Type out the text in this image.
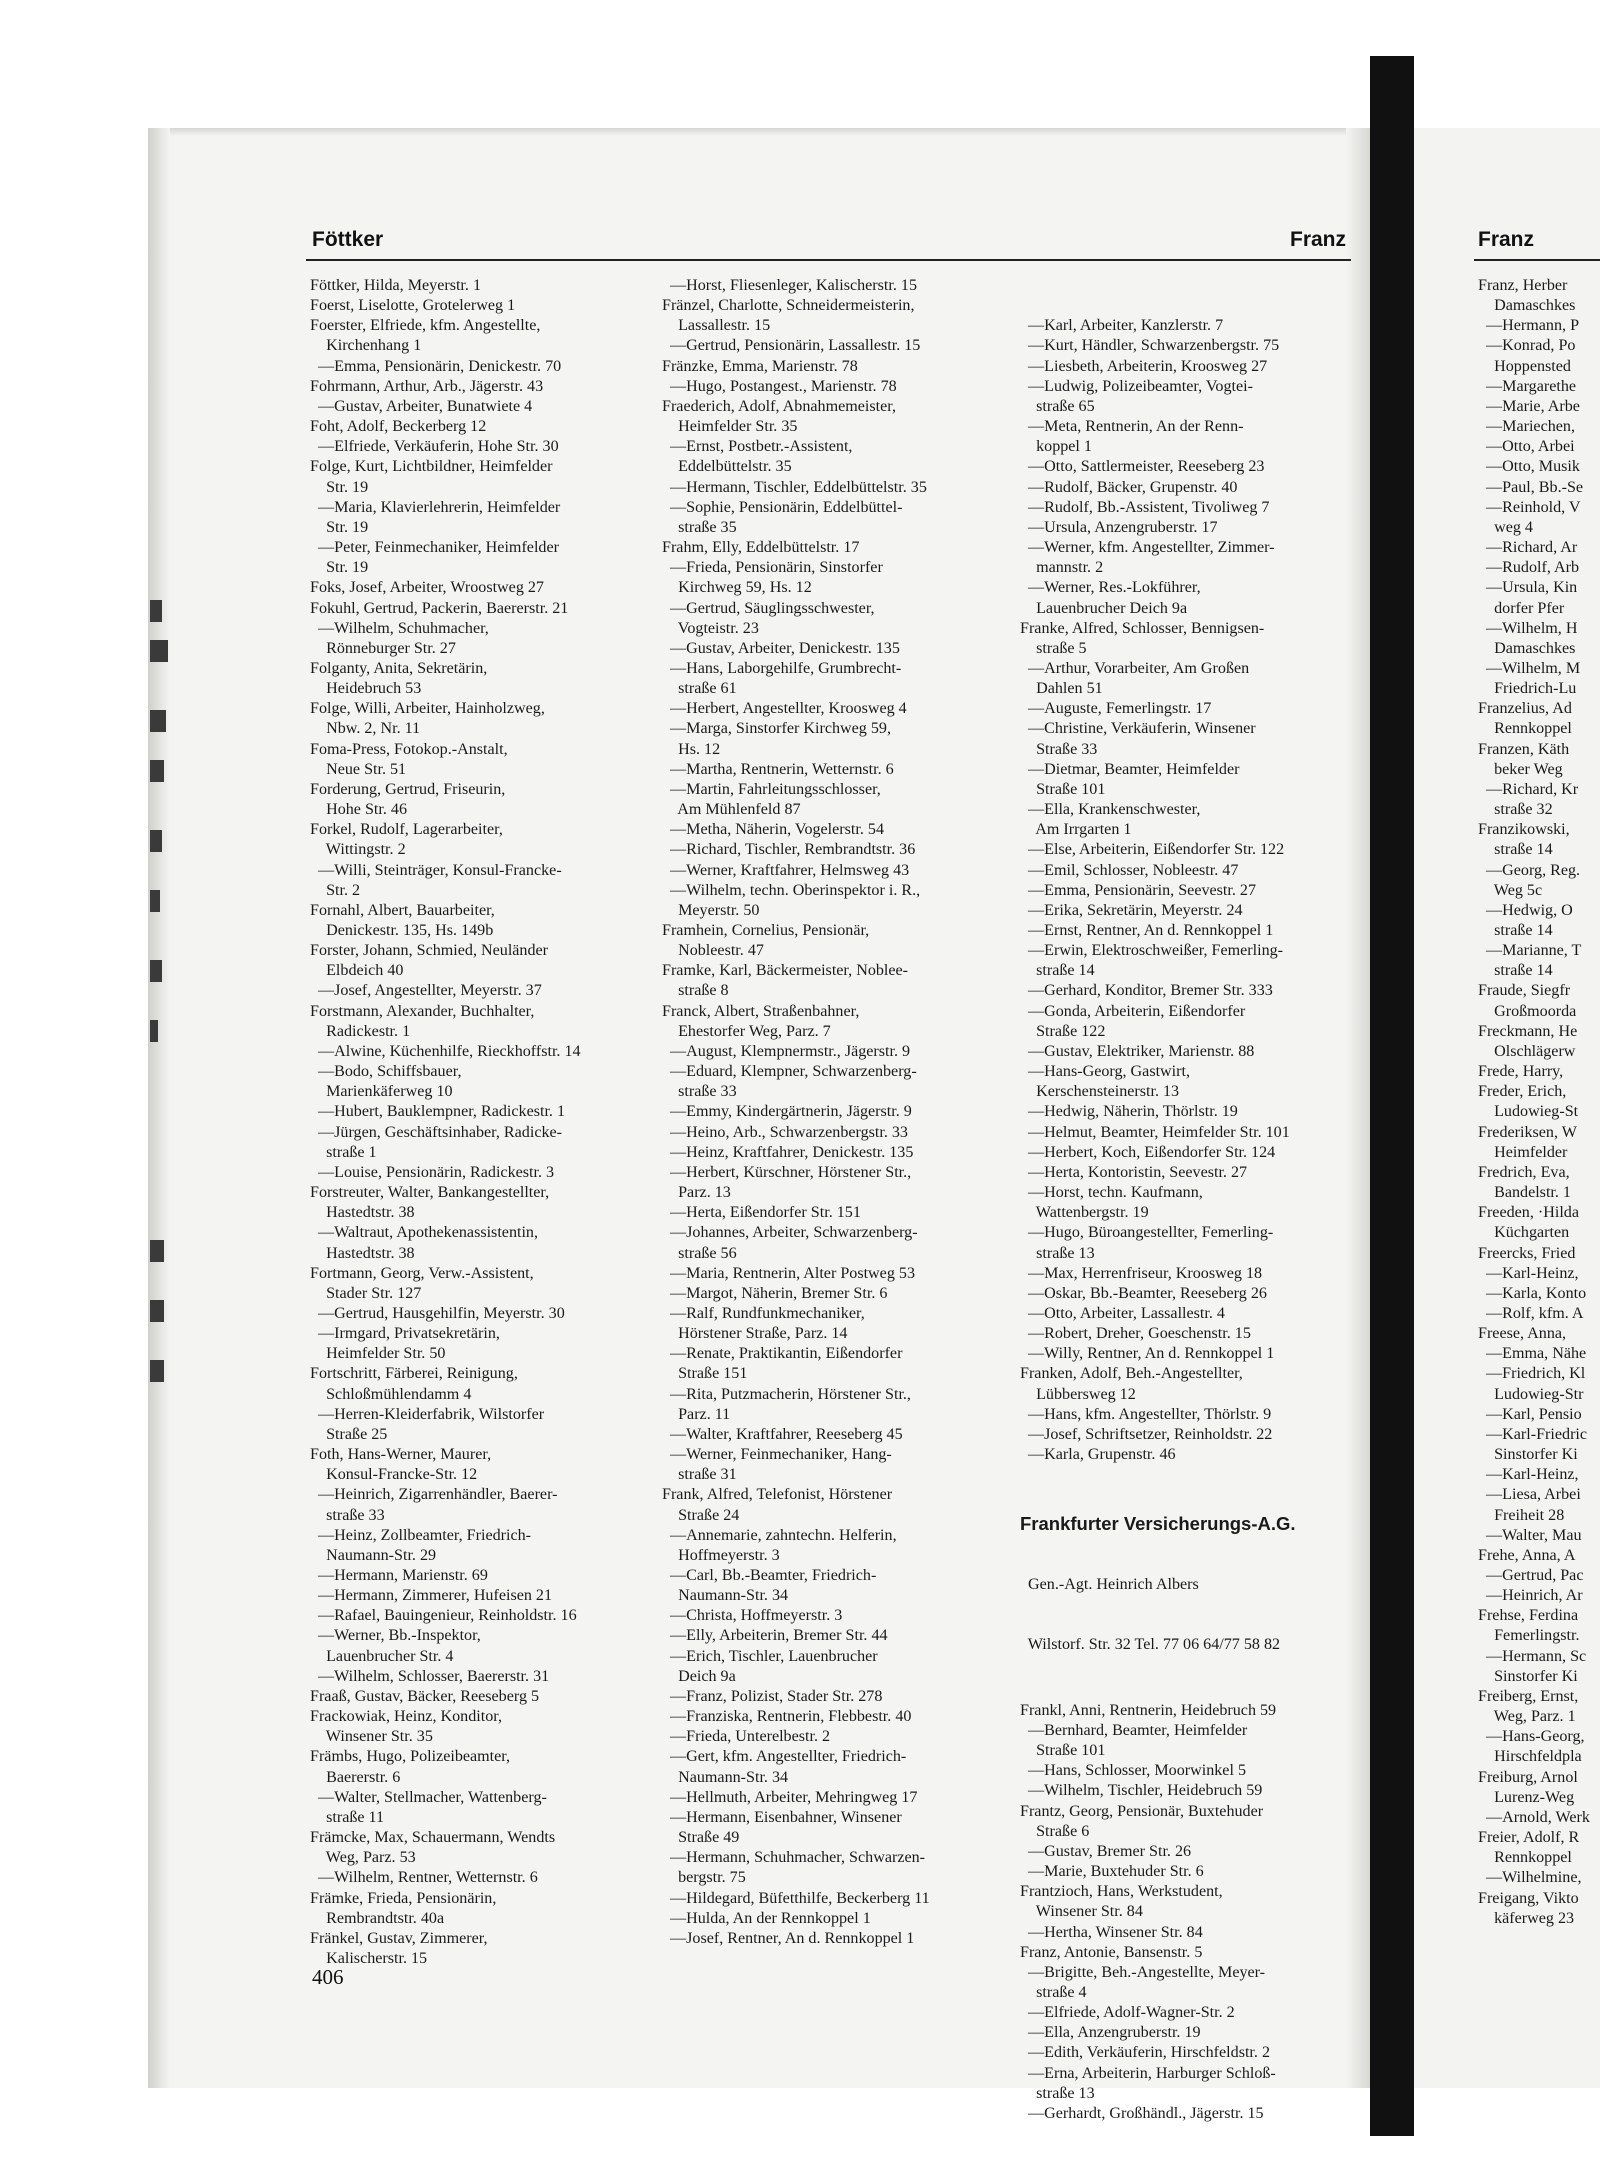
Föttker	Franz	Franz
Föttker, Hilda, Meyerstr. 1
Foerst, Liselotte, Grotelerweg 1
Foerster, Elfriede, kfm. Angestellte,
Kirchenhang 1
—Emma, Pensionärin, Denickestr. 70
Fohrmann, Arthur, Arb., Jägerstr. 43
—Gustav, Arbeiter, Bunatwiete 4
Foht, Adolf, Beckerberg 12
—Elfriede, Verkäuferin, Hohe Str. 30
Folge, Kurt, Lichtbildner, Heimfelder
Str. 19
—Maria, Klavierlehrerin, Heimfelder
Str. 19
—Peter, Feinmechaniker, Heimfelder
Str. 19
Foks, Josef, Arbeiter, Wroostweg 27
Fokuhl, Gertrud, Packerin, Baererstr. 21
—Wilhelm, Schuhmacher,
Rönneburger Str. 27
Folganty, Anita, Sekretärin,
Heidebruch 53
Folge, Willi, Arbeiter, Hainholzweg,
Nbw. 2, Nr. 11
Foma-Press, Fotokop.-Anstalt,
Neue Str. 51
Forderung, Gertrud, Friseurin,
Hohe Str. 46
Forkel, Rudolf, Lagerarbeiter,
Wittingstr. 2
—Willi, Steinträger, Konsul-Francke-
Str. 2
Fornahl, Albert, Bauarbeiter,
Denickestr. 135, Hs. 149b
Forster, Johann, Schmied, Neuländer
Elbdeich 40
—Josef, Angestellter, Meyerstr. 37
Forstmann, Alexander, Buchhalter,
Radickestr. 1
—Alwine, Küchenhilfe, Rieckhoffstr. 14
—Bodo, Schiffsbauer,
Marienkäferweg 10
—Hubert, Bauklempner, Radickestr. 1
—Jürgen, Geschäftsinhaber, Radicke-
straße 1
—Louise, Pensionärin, Radickestr. 3
Forstreuter, Walter, Bankangestellter,
Hastedtstr. 38
—Waltraut, Apothekenassistentin,
Hastedtstr. 38
Fortmann, Georg, Verw.-Assistent,
Stader Str. 127
—Gertrud, Hausgehilfin, Meyerstr. 30
—Irmgard, Privatsekretärin,
Heimfelder Str. 50
Fortschritt, Färberei, Reinigung,
Schloßmühlendamm 4
—Herren-Kleiderfabrik, Wilstorfer
Straße 25
Foth, Hans-Werner, Maurer,
Konsul-Francke-Str. 12
—Heinrich, Zigarrenhändler, Baerer-
straße 33
—Heinz, Zollbeamter, Friedrich-
Naumann-Str. 29
—Hermann, Marienstr. 69
—Hermann, Zimmerer, Hufeisen 21
—Rafael, Bauingenieur, Reinholdstr. 16
—Werner, Bb.-Inspektor,
Lauenbrucher Str. 4
—Wilhelm, Schlosser, Baererstr. 31
Fraaß, Gustav, Bäcker, Reeseberg 5
Frackowiak, Heinz, Konditor,
Winsener Str. 35
Främbs, Hugo, Polizeibeamter,
Baererstr. 6
—Walter, Stellmacher, Wattenberg-
straße 11
Främcke, Max, Schauermann, Wendts
Weg, Parz. 53
—Wilhelm, Rentner, Wetternstr. 6
Främke, Frieda, Pensionärin,
Rembrandtstr. 40a
Fränkel, Gustav, Zimmerer,
Kalischerstr. 15
—Horst, Fliesenleger, Kalischerstr. 15
Fränzel, Charlotte, Schneidermeisterin,
Lassallestr. 15
—Gertrud, Pensionärin, Lassallestr. 15
Fränzke, Emma, Marienstr. 78
—Hugo, Postangest., Marienstr. 78
Fraederich, Adolf, Abnahmemeister,
Heimfelder Str. 35
—Ernst, Postbetr.-Assistent,
Eddelbüttelstr. 35
—Hermann, Tischler, Eddelbüttelstr. 35
—Sophie, Pensionärin, Eddelbüttel-
straße 35
Frahm, Elly, Eddelbüttelstr. 17
—Frieda, Pensionärin, Sinstorfer
Kirchweg 59, Hs. 12
—Gertrud, Säuglingsschwester,
Vogteistr. 23
—Gustav, Arbeiter, Denickestr. 135
—Hans, Laborgehilfe, Grumbrecht-
straße 61
—Herbert, Angestellter, Kroosweg 4
—Marga, Sinstorfer Kirchweg 59,
Hs. 12
—Martha, Rentnerin, Wetternstr. 6
—Martin, Fahrleitungsschlosser,
Am Mühlenfeld 87
—Metha, Näherin, Vogelerstr. 54
—Richard, Tischler, Rembrandtstr. 36
—Werner, Kraftfahrer, Helmsweg 43
—Wilhelm, techn. Oberinspektor i. R.,
Meyerstr. 50
Framhein, Cornelius, Pensionär,
Nobleestr. 47
Framke, Karl, Bäckermeister, Noblee-
straße 8
Franck, Albert, Straßenbahner,
Ehestorfer Weg, Parz. 7
—August, Klempnermstr., Jägerstr. 9
—Eduard, Klempner, Schwarzenberg-
straße 33
—Emmy, Kindergärtnerin, Jägerstr. 9
—Heino, Arb., Schwarzenbergstr. 33
—Heinz, Kraftfahrer, Denickestr. 135
—Herbert, Kürschner, Hörstener Str.,
Parz. 13
—Herta, Eißendorfer Str. 151
—Johannes, Arbeiter, Schwarzenberg-
straße 56
—Maria, Rentnerin, Alter Postweg 53
—Margot, Näherin, Bremer Str. 6
—Ralf, Rundfunkmechaniker,
Hörstener Straße, Parz. 14
—Renate, Praktikantin, Eißendorfer
Straße 151
—Rita, Putzmacherin, Hörstener Str.,
Parz. 11
—Walter, Kraftfahrer, Reeseberg 45
—Werner, Feinmechaniker, Hang-
straße 31
Frank, Alfred, Telefonist, Hörstener
Straße 24
—Annemarie, zahntechn. Helferin,
Hoffmeyerstr. 3
—Carl, Bb.-Beamter, Friedrich-
Naumann-Str. 34
—Christa, Hoffmeyerstr. 3
—Elly, Arbeiterin, Bremer Str. 44
—Erich, Tischler, Lauenbrucher
Deich 9a
—Franz, Polizist, Stader Str. 278
—Franziska, Rentnerin, Flebbestr. 40
—Frieda, Unterelbestr. 2
—Gert, kfm. Angestellter, Friedrich-
Naumann-Str. 34
—Hellmuth, Arbeiter, Mehringweg 17
—Hermann, Eisenbahner, Winsener
Straße 49
—Hermann, Schuhmacher, Schwarzen-
bergstr. 75
—Hildegard, Büfetthilfe, Beckerberg 11
—Hulda, An der Rennkoppel 1
—Josef, Rentner, An d. Rennkoppel 1

—Karl, Arbeiter, Kanzlerstr. 7
—Kurt, Händler, Schwarzenbergstr. 75
—Liesbeth, Arbeiterin, Kroosweg 27
—Ludwig, Polizeibeamter, Vogtei-
straße 65
—Meta, Rentnerin, An der Renn-
koppel 1
—Otto, Sattlermeister, Reeseberg 23
—Rudolf, Bäcker, Grupenstr. 40
—Rudolf, Bb.-Assistent, Tivoliweg 7
—Ursula, Anzengruberstr. 17
—Werner, kfm. Angestellter, Zimmer-
mannstr. 2
—Werner, Res.-Lokführer,
Lauenbrucher Deich 9a
Franke, Alfred, Schlosser, Bennigsen-
straße 5
—Arthur, Vorarbeiter, Am Großen
Dahlen 51
—Auguste, Femerlingstr. 17
—Christine, Verkäuferin, Winsener
Straße 33
—Dietmar, Beamter, Heimfelder
Straße 101
—Ella, Krankenschwester,
Am Irrgarten 1
—Else, Arbeiterin, Eißendorfer Str. 122
—Emil, Schlosser, Nobleestr. 47
—Emma, Pensionärin, Seevestr. 27
—Erika, Sekretärin, Meyerstr. 24
—Ernst, Rentner, An d. Rennkoppel 1
—Erwin, Elektroschweißer, Femerling-
straße 14
—Gerhard, Konditor, Bremer Str. 333
—Gonda, Arbeiterin, Eißendorfer
Straße 122
—Gustav, Elektriker, Marienstr. 88
—Hans-Georg, Gastwirt,
Kerschensteinerstr. 13
—Hedwig, Näherin, Thörlstr. 19
—Helmut, Beamter, Heimfelder Str. 101
—Herbert, Koch, Eißendorfer Str. 124
—Herta, Kontoristin, Seevestr. 27
—Horst, techn. Kaufmann,
Wattenbergstr. 19
—Hugo, Büroangestellter, Femerling-
straße 13
—Max, Herrenfriseur, Kroosweg 18
—Oskar, Bb.-Beamter, Reeseberg 26
—Otto, Arbeiter, Lassallestr. 4
—Robert, Dreher, Goeschenstr. 15
—Willy, Rentner, An d. Rennkoppel 1
Franken, Adolf, Beh.-Angestellter,
Lübbersweg 12
—Hans, kfm. Angestellter, Thörlstr. 9
—Josef, Schriftsetzer, Reinholdstr. 22
—Karla, Grupenstr. 46

Frankfurter Versicherungs-A.G.

Gen.-Agt. Heinrich Albers

Wilstorf. Str. 32 Tel. 77 06 64/77 58 82

Frankl, Anni, Rentnerin, Heidebruch 59
—Bernhard, Beamter, Heimfelder
Straße 101
—Hans, Schlosser, Moorwinkel 5
—Wilhelm, Tischler, Heidebruch 59
Frantz, Georg, Pensionär, Buxtehuder
Straße 6
—Gustav, Bremer Str. 26
—Marie, Buxtehuder Str. 6
Frantzioch, Hans, Werkstudent,
Winsener Str. 84
—Hertha, Winsener Str. 84
Franz, Antonie, Bansenstr. 5
—Brigitte, Beh.-Angestellte, Meyer-
straße 4
—Elfriede, Adolf-Wagner-Str. 2
—Ella, Anzengruberstr. 19
—Edith, Verkäuferin, Hirschfeldstr. 2
—Erna, Arbeiterin, Harburger Schloß-
straße 13
—Gerhardt, Großhändl., Jägerstr. 15

Franz, Herber
Damaschkes
—Hermann, P
—Konrad, Po
Hoppensted
—Margarethe
—Marie, Arbe
—Mariechen,
—Otto, Arbei
—Otto, Musik
—Paul, Bb.-Se
—Reinhold, V
weg 4
—Richard, Ar
—Rudolf, Arb
—Ursula, Kin
dorfer Pfer
—Wilhelm, H
Damaschkes
—Wilhelm, M
Friedrich-Lu
Franzelius, Ad
Rennkoppel
Franzen, Käth
beker Weg
—Richard, Kr
straße 32
Franzikowski,
straße 14
—Georg, Reg.
Weg 5c
—Hedwig, O
straße 14
—Marianne, T
straße 14
Fraude, Siegfr
Großmoorda
Freckmann, He
Olschlägerw
Frede, Harry,
Freder, Erich,
Ludowieg-St
Frederiksen, W
Heimfelder
Fredrich, Eva,
Bandelstr. 1
Freeden, ·Hilda
Küchgarten
Freercks, Fried
—Karl-Heinz,
—Karla, Konto
—Rolf, kfm. A
Freese, Anna,
—Emma, Nähe
—Friedrich, Kl
Ludowieg-Str
—Karl, Pensio
—Karl-Friedric
Sinstorfer Ki
—Karl-Heinz,
—Liesa, Arbei
Freiheit 28
—Walter, Mau
Frehe, Anna, A
—Gertrud, Pac
—Heinrich, Ar
Frehse, Ferdina
Femerlingstr.
—Hermann, Sc
Sinstorfer Ki
Freiberg, Ernst,
Weg, Parz. 1
—Hans-Georg,
Hirschfeldpla
Freiburg, Arnol
Lurenz-Weg
—Arnold, Werk
Freier, Adolf, R
Rennkoppel
—Wilhelmine,
Freigang, Vikto
käferweg 23
406
